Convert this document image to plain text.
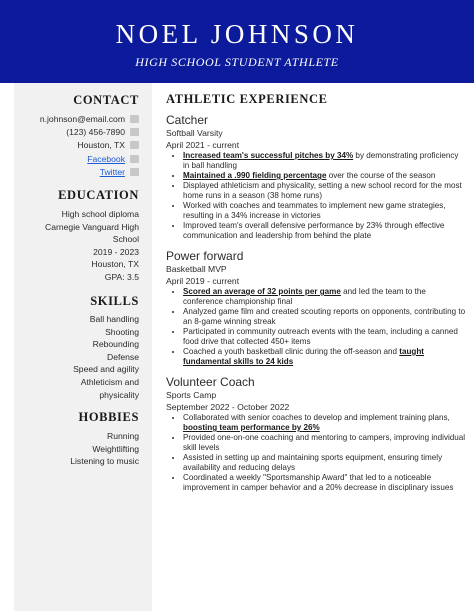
NOEL JOHNSON
HIGH SCHOOL STUDENT ATHLETE
CONTACT
n.johnson@email.com
(123) 456-7890
Houston, TX
Facebook
Twitter
EDUCATION
High school diploma
Carnegie Vanguard High
School
2019 - 2023
Houston, TX
GPA: 3.5
SKILLS
Ball handling
Shooting
Rebounding
Defense
Speed and agility
Athleticism and
physicality
HOBBIES
Running
Weightlifting
Listening to music
ATHLETIC EXPERIENCE
Catcher
Softball Varsity
April 2021 - current
• Increased team's successful pitches by 34% by demonstrating proficiency in ball handling
• Maintained a .990 fielding percentage over the course of the season
• Displayed athleticism and physicality, setting a new school record for the most home runs in a season (38 home runs)
• Worked with coaches and teammates to implement new game strategies, resulting in a 34% increase in victories
• Improved team's overall defensive performance by 23% through effective communication and leadership from behind the plate
Power forward
Basketball MVP
April 2019 - current
• Scored an average of 32 points per game and led the team to the conference championship final
• Analyzed game film and created scouting reports on opponents, contributing to an 8-game winning streak
• Participated in community outreach events with the team, including a canned food drive that collected 450+ items
• Coached a youth basketball clinic during the off-season and taught fundamental skills to 24 kids
Volunteer Coach
Sports Camp
September 2022 - October 2022
• Collaborated with senior coaches to develop and implement training plans, boosting team performance by 26%
• Provided one-on-one coaching and mentoring to campers, improving individual skill levels
• Assisted in setting up and maintaining sports equipment, ensuring timely availability and reducing delays
• Coordinated a weekly "Sportsmanship Award" that led to a noticeable improvement in camper behavior and a 20% decrease in disciplinary issues
